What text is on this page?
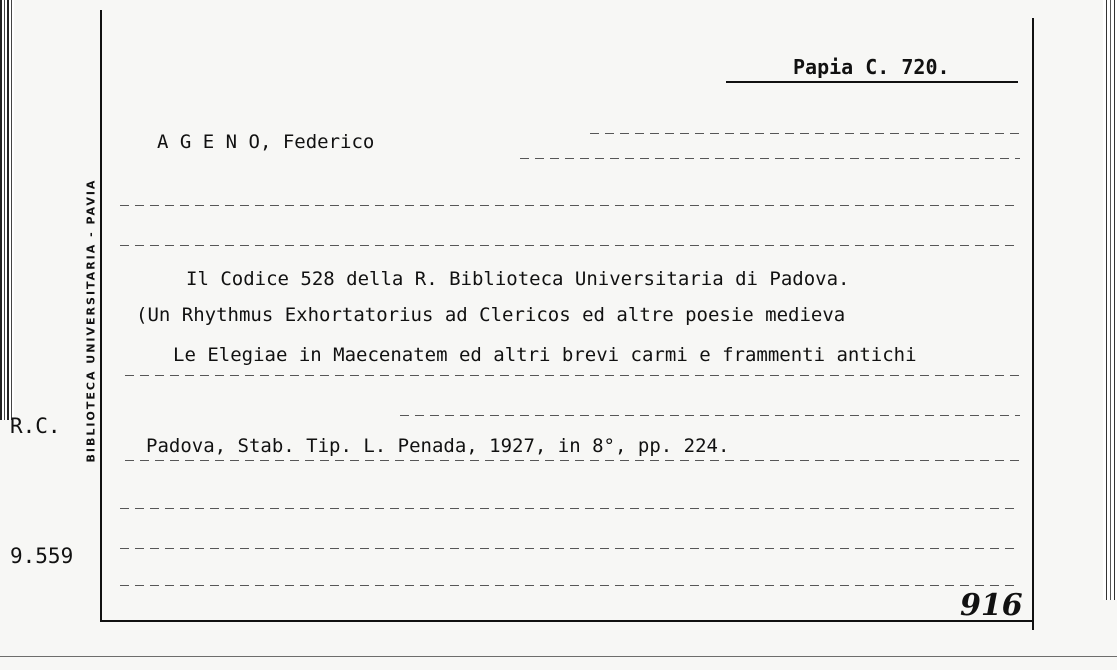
BIBLIOTECA UNIVERSITARIA - PAVIA
R.C.
9.559
Papia C. 720.
A G E N O, Federico
Il Codice 528 della R. Biblioteca Universitaria di Padova.
(Un Rhythmus Exhortatorius ad Clericos ed altre poesie medieva
Le Elegiae in Maecenatem ed altri brevi carmi e frammenti antichi
Padova, Stab. Tip. L. Penada, 1927, in 8°, pp. 224.
916
